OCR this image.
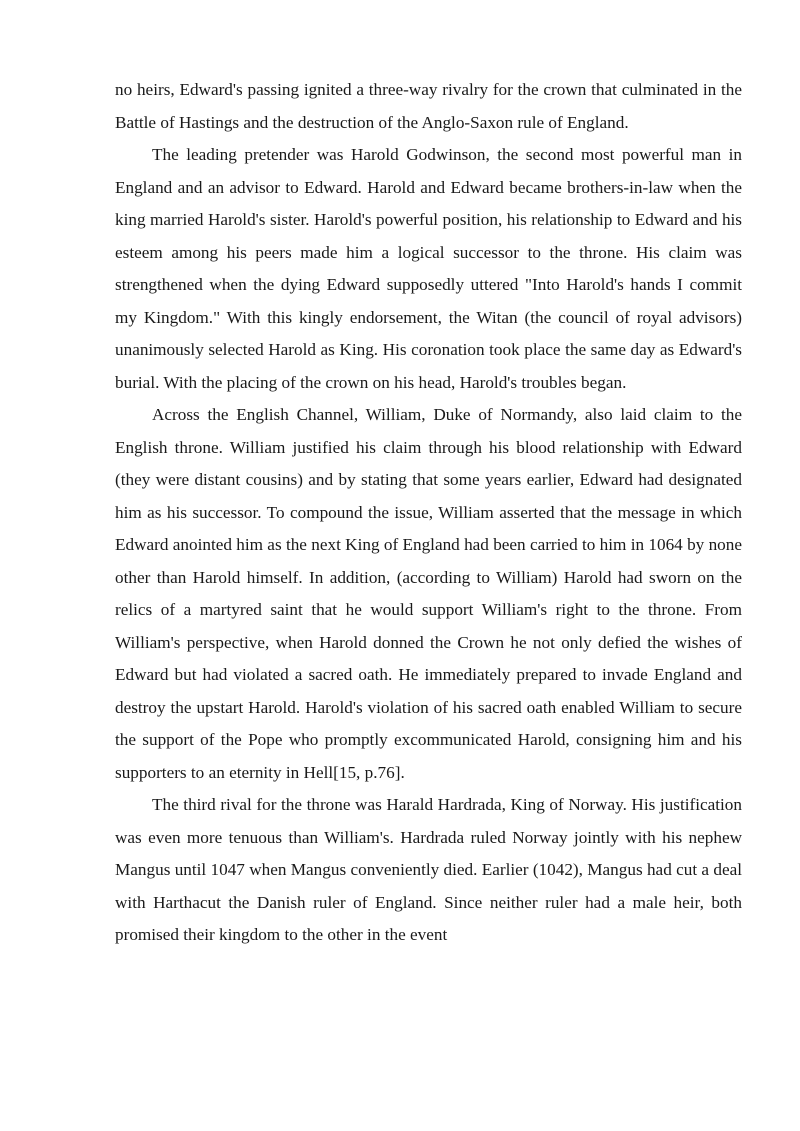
no heirs, Edward's passing ignited a three-way rivalry for the crown that culminated in the Battle of Hastings and the destruction of the Anglo-Saxon rule of England.

The leading pretender was Harold Godwinson, the second most powerful man in England and an advisor to Edward. Harold and Edward became brothers-in-law when the king married Harold's sister. Harold's powerful position, his relationship to Edward and his esteem among his peers made him a logical successor to the throne. His claim was strengthened when the dying Edward supposedly uttered "Into Harold's hands I commit my Kingdom." With this kingly endorsement, the Witan (the council of royal advisors) unanimously selected Harold as King. His coronation took place the same day as Edward's burial. With the placing of the crown on his head, Harold's troubles began.

Across the English Channel, William, Duke of Normandy, also laid claim to the English throne. William justified his claim through his blood relationship with Edward (they were distant cousins) and by stating that some years earlier, Edward had designated him as his successor. To compound the issue, William asserted that the message in which Edward anointed him as the next King of England had been carried to him in 1064 by none other than Harold himself. In addition, (according to William) Harold had sworn on the relics of a martyred saint that he would support William's right to the throne. From William's perspective, when Harold donned the Crown he not only defied the wishes of Edward but had violated a sacred oath. He immediately prepared to invade England and destroy the upstart Harold. Harold's violation of his sacred oath enabled William to secure the support of the Pope who promptly excommunicated Harold, consigning him and his supporters to an eternity in Hell[15, p.76].

The third rival for the throne was Harald Hardrada, King of Norway. His justification was even more tenuous than William's. Hardrada ruled Norway jointly with his nephew Mangus until 1047 when Mangus conveniently died. Earlier (1042), Mangus had cut a deal with Harthacut the Danish ruler of England. Since neither ruler had a male heir, both promised their kingdom to the other in the event
